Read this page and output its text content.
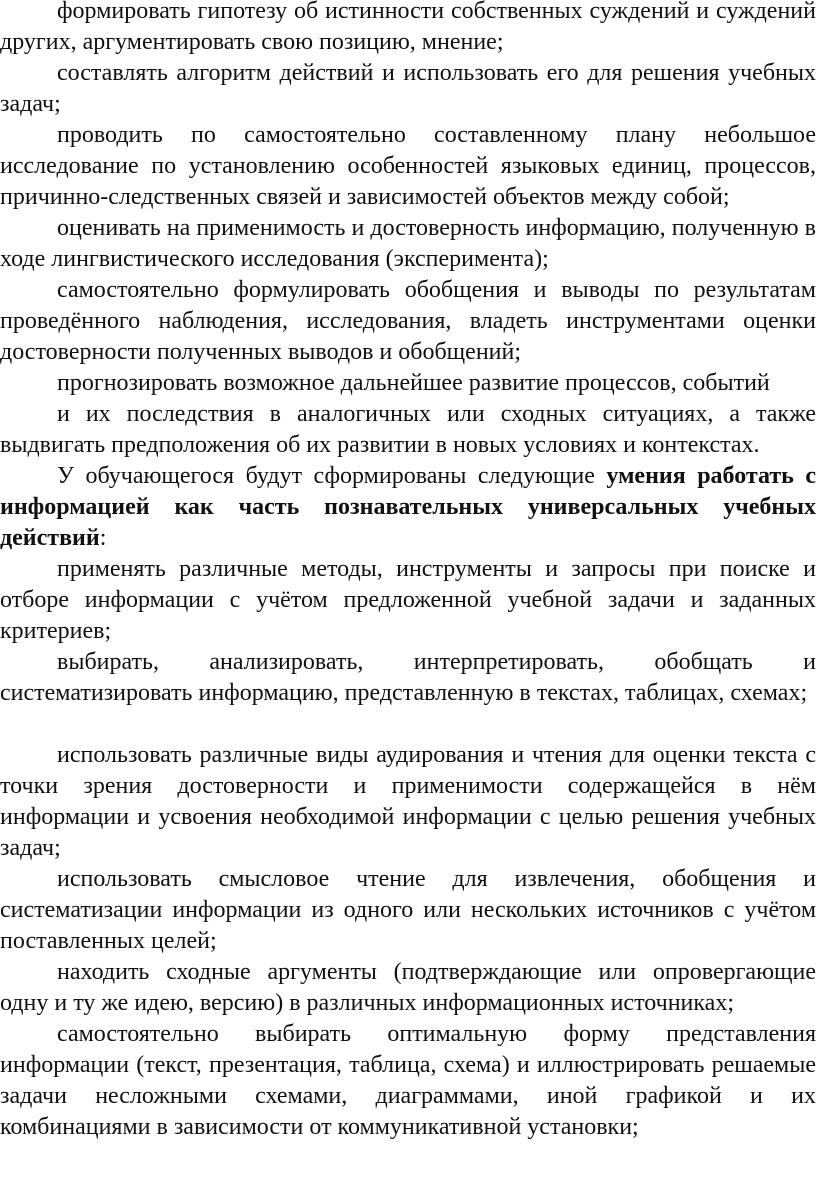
формировать гипотезу об истинности собственных суждений и суждений других, аргументировать свою позицию, мнение;

составлять алгоритм действий и использовать его для решения учебных задач;

проводить по самостоятельно составленному плану небольшое исследование по установлению особенностей языковых единиц, процессов, причинно-следственных связей и зависимостей объектов между собой;

оценивать на применимость и достоверность информацию, полученную в ходе лингвистического исследования (эксперимента);

самостоятельно формулировать обобщения и выводы по результатам проведённого наблюдения, исследования, владеть инструментами оценки достоверности полученных выводов и обобщений;

прогнозировать возможное дальнейшее развитие процессов, событий

и их последствия в аналогичных или сходных ситуациях, а также выдвигать предположения об их развитии в новых условиях и контекстах.

У обучающегося будут сформированы следующие умения работать с информацией как часть познавательных универсальных учебных действий:

применять различные методы, инструменты и запросы при поиске и отборе информации с учётом предложенной учебной задачи и заданных критериев;

выбирать, анализировать, интерпретировать, обобщать и систематизировать информацию, представленную в текстах, таблицах, схемах;

использовать различные виды аудирования и чтения для оценки текста с точки зрения достоверности и применимости содержащейся в нём информации и усвоения необходимой информации с целью решения учебных задач;

использовать смысловое чтение для извлечения, обобщения и систематизации информации из одного или нескольких источников с учётом поставленных целей;

находить сходные аргументы (подтверждающие или опровергающие одну и ту же идею, версию) в различных информационных источниках;

самостоятельно выбирать оптимальную форму представления информации (текст, презентация, таблица, схема) и иллюстрировать решаемые задачи несложными схемами, диаграммами, иной графикой и их комбинациями в зависимости от коммуникативной установки;
